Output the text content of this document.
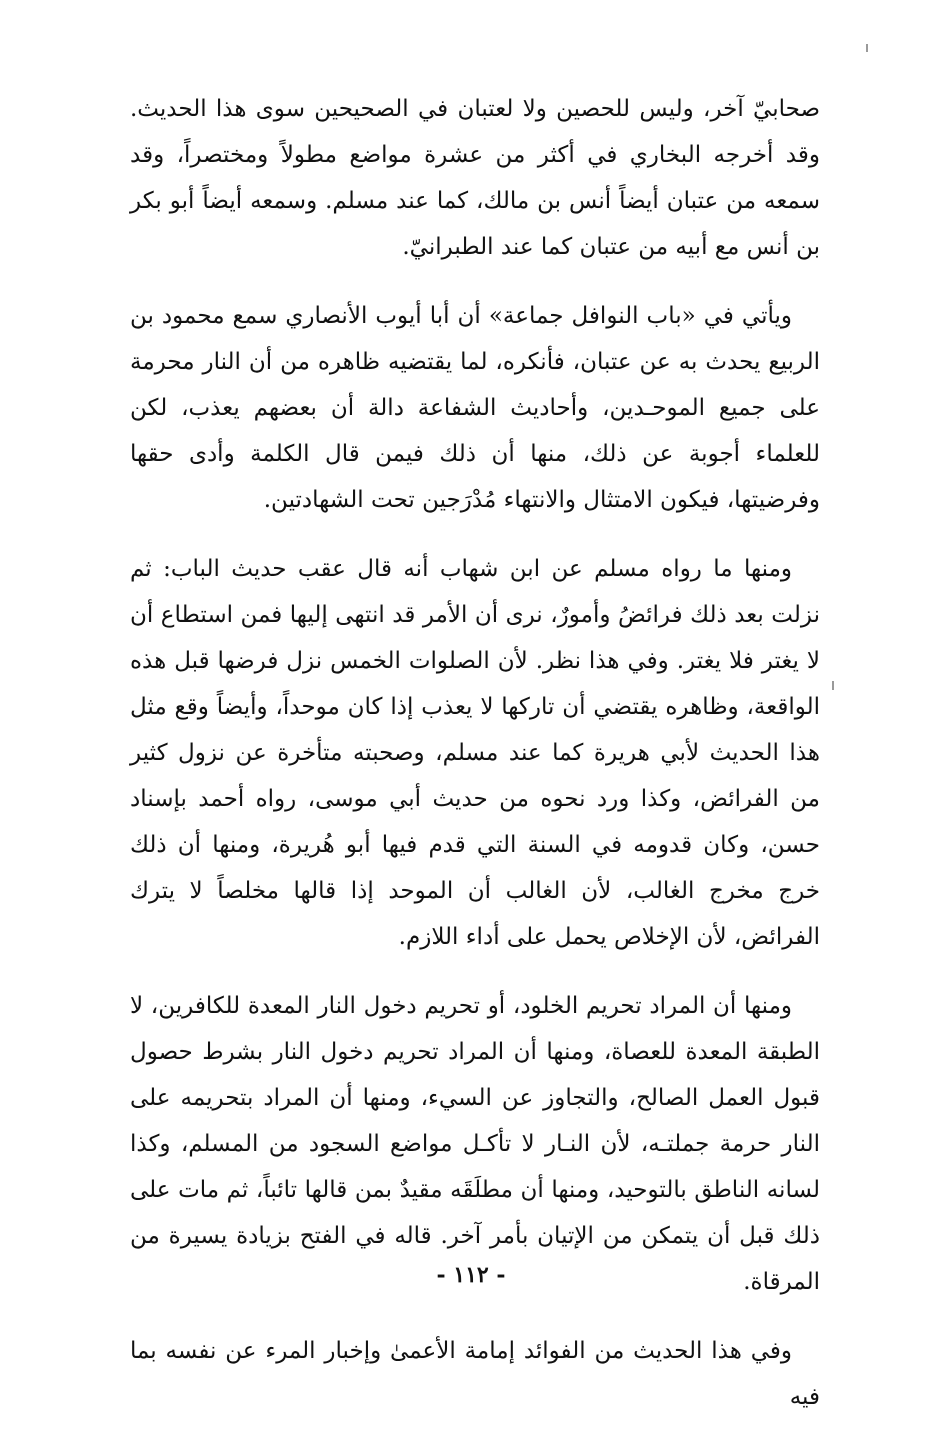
صحابيّ آخر، وليس للحصين ولا لعتبان في الصحيحين سوى هذا الحديث. وقد أخرجه البخاري في أكثر من عشرة مواضع مطولاً ومختصراً، وقد سمعه من عتبان أيضاً أنس بن مالك، كما عند مسلم. وسمعه أيضاً أبو بكر بن أنس مع أبيه من عتبان كما عند الطبرانيّ.

ويأتي في «باب النوافل جماعة» أن أبا أيوب الأنصاري سمع محمود بن الربيع يحدث به عن عتبان، فأنكره، لما يقتضيه ظاهره من أن النار محرمة على جميع الموحـدين، وأحاديث الشفاعة دالة أن بعضهم يعذب، لكن للعلماء أجوبة عن ذلك، منها أن ذلك فيمن قال الكلمة وأدى حقها وفرضيتها، فيكون الامتثال والانتهاء مُدْرَجين تحت الشهادتين.

ومنها ما رواه مسلم عن ابن شهاب أنه قال عقب حديث الباب: ثم نزلت بعد ذلك فرائضُ وأمورٌ، نرى أن الأمر قد انتهى إليها فمن استطاع أن لا يغتر فلا يغتر. وفي هذا نظر. لأن الصلوات الخمس نزل فرضها قبل هذه الواقعة، وظاهره يقتضي أن تاركها لا يعذب إذا كان موحداً، وأيضاً وقع مثل هذا الحديث لأبي هريرة كما عند مسلم، وصحبته متأخرة عن نزول كثير من الفرائض، وكذا ورد نحوه من حديث أبي موسى، رواه أحمد بإسناد حسن، وكان قدومه في السنة التي قدم فيها أبو هُريرة، ومنها أن ذلك خرج مخرج الغالب، لأن الغالب أن الموحد إذا قالها مخلصاً لا يترك الفرائض، لأن الإخلاص يحمل على أداء اللازم.

ومنها أن المراد تحريم الخلود، أو تحريم دخول النار المعدة للكافرين، لا الطبقة المعدة للعصاة، ومنها أن المراد تحريم دخول النار بشرط حصول قبول العمل الصالح، والتجاوز عن السيء، ومنها أن المراد بتحريمه على النار حرمة جملتـه، لأن النـار لا تأكـل مواضع السجود من المسلم، وكذا لسانه الناطق بالتوحيد، ومنها أن مطلَقَه مقيدٌ بمن قالها تائباً، ثم مات على ذلك قبل أن يتمكن من الإتيان بأمر آخر. قاله في الفتح بزيادة يسيرة من المرقاة.

وفي هذا الحديث من الفوائد إمامة الأعمىٰ وإخبار المرء عن نفسه بما فيه

- ١١٢ -
